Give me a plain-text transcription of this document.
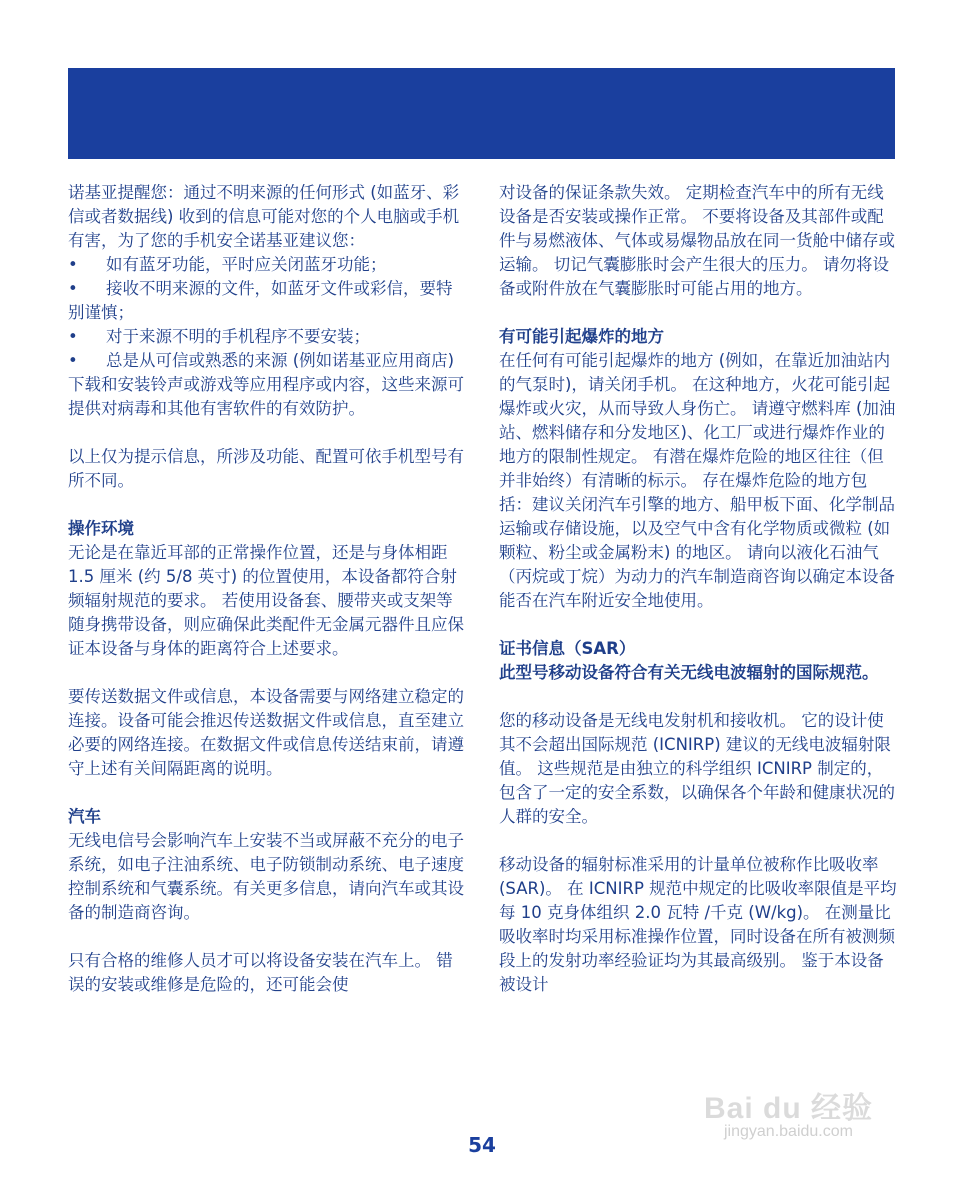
诺基亚提醒您：通过不明来源的任何形式 (如蓝牙、彩信或者数据线) 收到的信息可能对您的个人电脑或手机有害，为了您的手机安全诺基亚建议您：

• 如有蓝牙功能，平时应关闭蓝牙功能；

• 接收不明来源的文件，如蓝牙文件或彩信，要特别谨慎；

• 对于来源不明的手机程序不要安装；

• 总是从可信或熟悉的来源 (例如诺基亚应用商店) 下载和安装铃声或游戏等应用程序或内容，这些来源可提供对病毒和其他有害软件的有效防护。

以上仅为提示信息，所涉及功能、配置可依手机型号有所不同。

操作环境

无论是在靠近耳部的正常操作位置，还是与身体相距 1.5 厘米 (约 5/8 英寸) 的位置使用，本设备都符合射频辐射规范的要求。 若使用设备套、腰带夹或支架等随身携带设备，则应确保此类配件无金属元器件且应保证本设备与身体的距离符合上述要求。

要传送数据文件或信息，本设备需要与网络建立稳定的连接。设备可能会推迟传送数据文件或信息，直至建立必要的网络连接。在数据文件或信息传送结束前，请遵守上述有关间隔距离的说明。

汽车

无线电信号会影响汽车上安装不当或屏蔽不充分的电子系统，如电子注油系统、电子防锁制动系统、电子速度控制系统和气囊系统。有关更多信息，请向汽车或其设备的制造商咨询。

只有合格的维修人员才可以将设备安装在汽车上。 错误的安装或维修是危险的，还可能会使

对设备的保证条款失效。 定期检查汽车中的所有无线设备是否安装或操作正常。 不要将设备及其部件或配件与易燃液体、气体或易爆物品放在同一货舱中储存或运输。 切记气囊膨胀时会产生很大的压力。 请勿将设备或附件放在气囊膨胀时可能占用的地方。

有可能引起爆炸的地方

在任何有可能引起爆炸的地方 (例如，在靠近加油站内的气泵时)，请关闭手机。 在这种地方，火花可能引起爆炸或火灾，从而导致人身伤亡。 请遵守燃料库 (加油站、燃料储存和分发地区)、化工厂或进行爆炸作业的地方的限制性规定。 有潜在爆炸危险的地区往往（但并非始终）有清晰的标示。 存在爆炸危险的地方包括：建议关闭汽车引擎的地方、船甲板下面、化学制品运输或存储设施，以及空气中含有化学物质或微粒 (如颗粒、粉尘或金属粉末) 的地区。 请向以液化石油气（丙烷或丁烷）为动力的汽车制造商咨询以确定本设备能否在汽车附近安全地使用。

证书信息（SAR）

此型号移动设备符合有关无线电波辐射的国际规范。

您的移动设备是无线电发射机和接收机。 它的设计使其不会超出国际规范 (ICNIRP) 建议的无线电波辐射限值。 这些规范是由独立的科学组织 ICNIRP 制定的，包含了一定的安全系数，以确保各个年龄和健康状况的人群的安全。

移动设备的辐射标准采用的计量单位被称作比吸收率 (SAR)。 在 ICNIRP 规范中规定的比吸收率限值是平均每 10 克身体组织 2.0 瓦特 /千克 (W/kg)。 在测量比吸收率时均采用标准操作位置，同时设备在所有被测频段上的发射功率经验证均为其最高级别。 鉴于本设备被设计

54
Bai du 经验
jingyan.baidu.com
